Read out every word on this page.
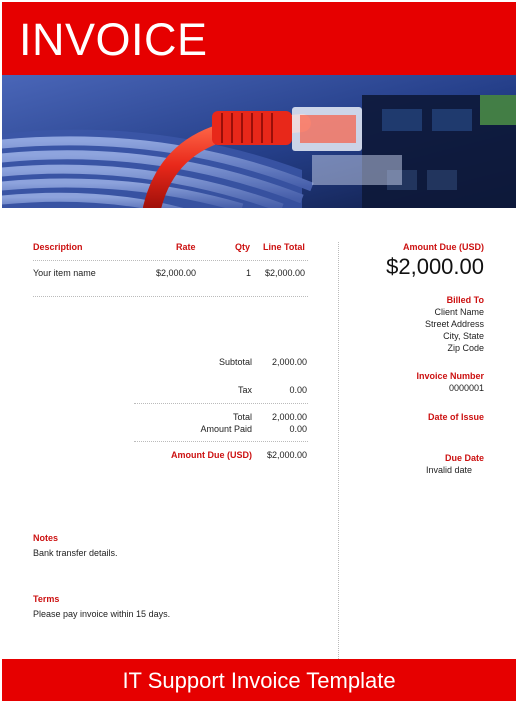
INVOICE
Description	Rate	Qty Line Total
Your item name	$2,000.00	1 $2,000.00
Subtotal 2,000.00
Tax	0.00
Total 2,000.00
Amount Paid	0.00
Amount Due (USD) $2,000.00
Notes
Bank transfer details.
Terms
Please pay invoice within 15 days.
Amount Due (USD)
$2,000.00
Billed To
Client Name
Street Address
City, State
Zip Code
Invoice Number
0000001
Date of Issue
Due Date
Invalid date
IT Support Invoice Template
